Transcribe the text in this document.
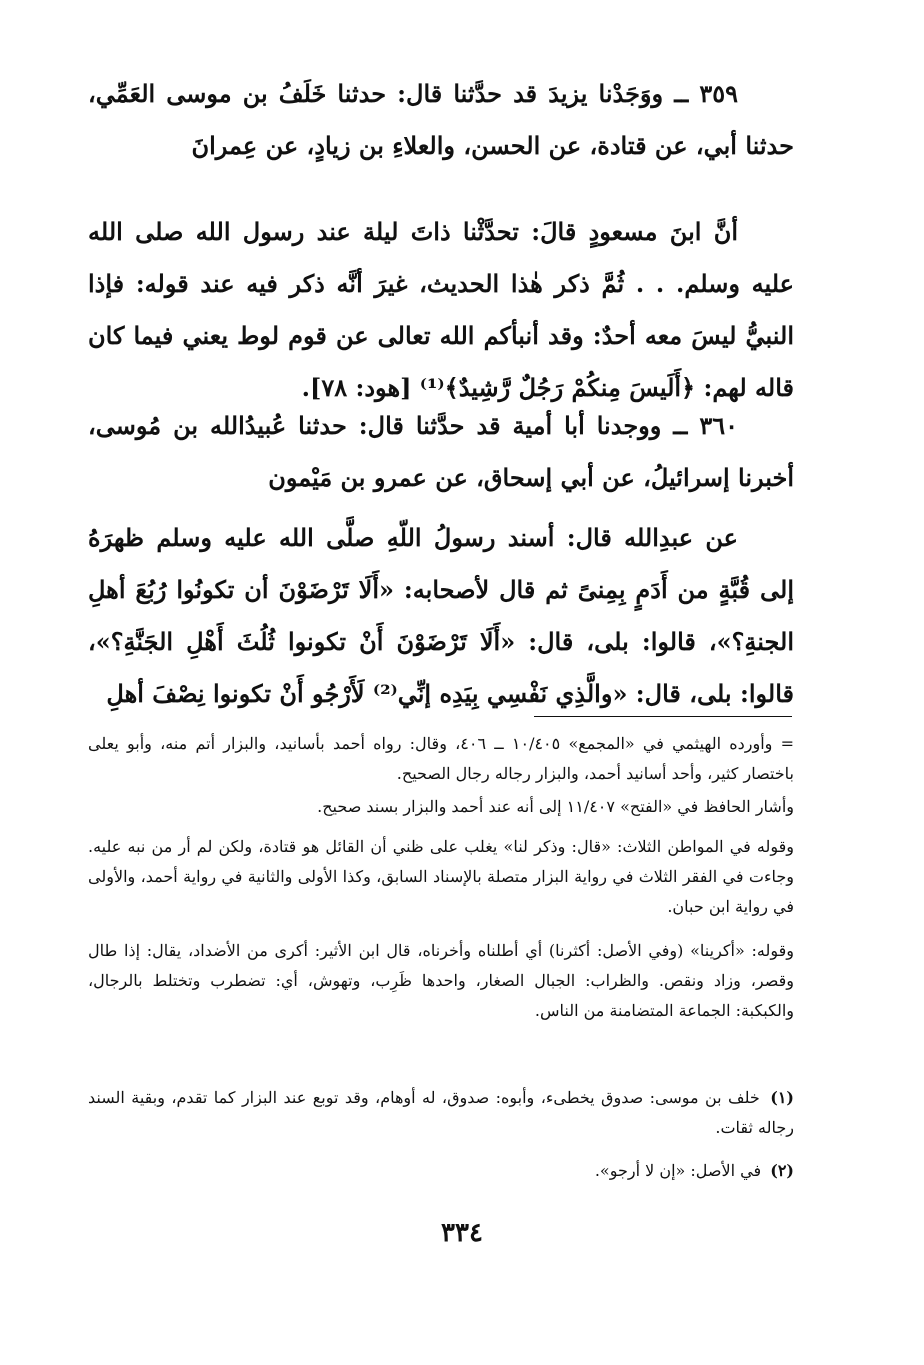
٣٥٩ ــ ووَجَدْنا يزيدَ قد حدَّثنا قال: حدثنا خَلَفُ بن موسى العَمِّي، حدثنا أبي، عن قتادة، عن الحسن، والعلاءِ بن زيادٍ، عن عِمرانَ
أنَّ ابنَ مسعودٍ قالَ: تحدَّثْنا ذاتَ ليلة عند رسول الله صلى الله عليه وسلم. . . ثُمَّ ذكر هٰذا الحديث، غيرَ أنَّه ذكر فيه عند قوله: فإذا النبيُّ ليسَ معه أحدٌ: وقد أنبأكم الله تعالى عن قوم لوط يعني فيما كان قاله لهم: ﴿أَلَيسَ مِنكُمْ رَجُلٌ رَّشِيدٌ﴾⁽¹⁾ [هود: ٧٨].
٣٦٠ ــ ووجدنا أبا أمية قد حدَّثنا قال: حدثنا عُبيدُالله بن مُوسى، أخبرنا إسرائيلُ، عن أبي إسحاق، عن عمرو بن مَيْمون
عن عبدِالله قال: أسند رسولُ اللّهِ صلَّى الله عليه وسلم ظهرَهُ إلى قُبَّةٍ من أَدَمٍ بِمِنىً ثم قال لأصحابه: «أَلَا تَرْضَوْنَ أن تكونُوا رُبُعَ أهلِ الجنةِ؟»، قالوا: بلى، قال: «أَلَا تَرْضَوْنَ أَنْ تكونوا ثُلُثَ أَهْلِ الجَنَّةِ؟»، قالوا: بلى، قال: «والَّذِي نَفْسِي بِيَدِه إنِّي⁽²⁾ لَأَرْجُو أَنْ تكونوا نِصْفَ أهلِ
= وأورده الهيثمي في «المجمع» ١٠/٤٠٥ ــ ٤٠٦، وقال: رواه أحمد بأسانيد، والبزار أتم منه، وأبو يعلى باختصار كثير، وأحد أسانيد أحمد، والبزار رجاله رجال الصحيح.
وأشار الحافظ في «الفتح» ١١/٤٠٧ إلى أنه عند أحمد والبزار بسند صحيح.
وقوله في المواطن الثلاث: «قال: وذكر لنا» يغلب على ظني أن القائل هو قتادة، ولكن لم أر من نبه عليه. وجاءت في الفقر الثلاث في رواية البزار متصلة بالإسناد السابق، وكذا الأولى والثانية في رواية أحمد، والأولى في رواية ابن حبان.
وقوله: «أكرينا» (وفي الأصل: أكثرنا) أي أطلناه وأخرناه، قال ابن الأثير: أكرى من الأضداد، يقال: إذا طال وقصر، وزاد ونقص. والظراب: الجبال الصغار، واحدها ظَرِب، وتهوش، أي: تضطرب وتختلط بالرجال، والكبكبة: الجماعة المتضامنة من الناس.
(١) خلف بن موسى: صدوق يخطىء، وأبوه: صدوق، له أوهام، وقد توبع عند البزار كما تقدم، وبقية السند رجاله ثقات.
(٢) في الأصل: «إن لا أرجو».
٣٣٤
